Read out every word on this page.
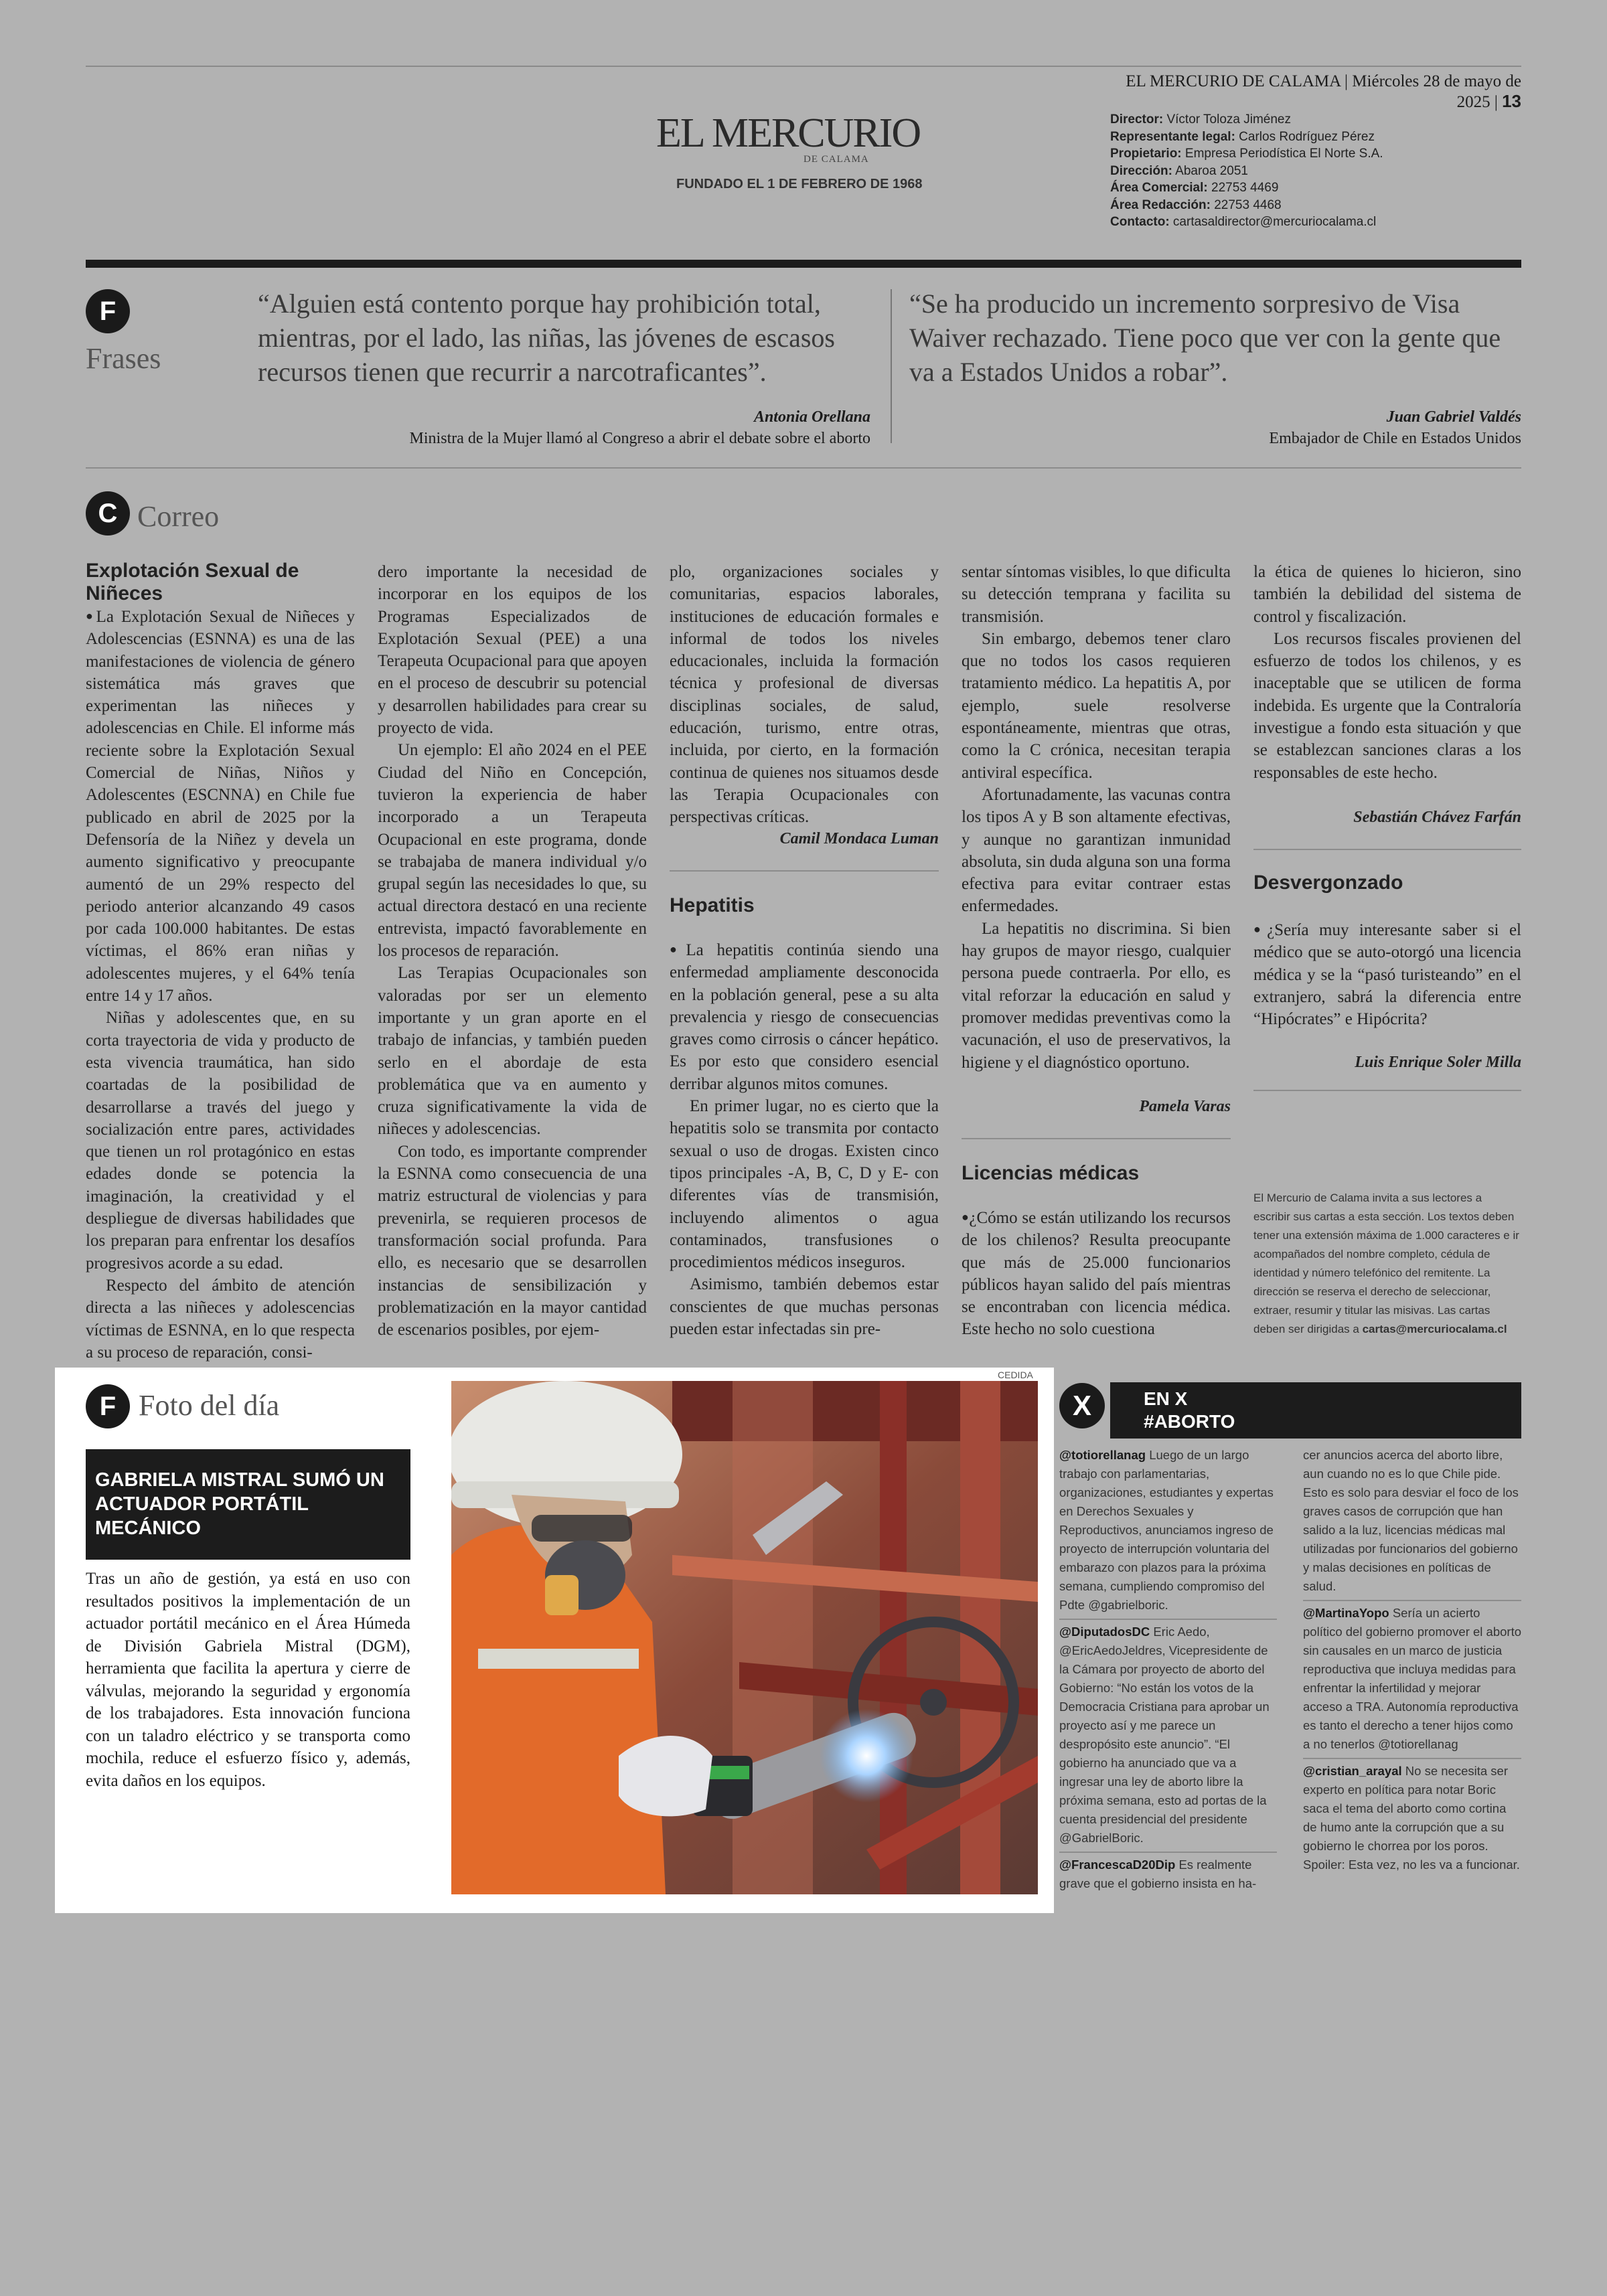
EL MERCURIO DE CALAMA | Miércoles 28 de mayo de 2025 | 13
EL MERCURIO
DE CALAMA
FUNDADO EL 1 DE FEBRERO DE 1968
Director: Víctor Toloza Jiménez
Representante legal: Carlos Rodríguez Pérez
Propietario: Empresa Periodística El Norte S.A.
Dirección: Abaroa 2051
Área Comercial: 22753 4469
Área Redacción: 22753 4468
Contacto: cartasaldirector@mercuriocalama.cl
F
Frases
“Alguien está contento porque hay prohibición total, mientras, por el lado, las niñas, las jóvenes de escasos recursos tienen que recurrir a narcotraficantes”.
Antonia Orellana
Ministra de la Mujer llamó al Congreso a abrir el debate sobre el aborto
“Se ha producido un incremento sorpresivo de Visa Waiver rechazado. Tiene poco que ver con la gente que va a Estados Unidos a robar”.
Juan Gabriel Valdés
Embajador de Chile en Estados Unidos
C Correo
Explotación Sexual de Niñeces

● La Explotación Sexual de Niñeces y Adolescencias (ESNNA) es una de las manifestaciones de violencia de género sistemática más graves que experimentan las niñeces y adolescencias en Chile. El informe más reciente sobre la Explotación Sexual Comercial de Niñas, Niños y Adolescentes (ESCNNA) en Chile fue publicado en abril de 2025 por la Defensoría de la Niñez y devela un aumento significativo y preocupante aumentó de un 29% respecto del periodo anterior alcanzando 49 casos por cada 100.000 habitantes. De estas víctimas, el 86% eran niñas y adolescentes mujeres, y el 64% tenía entre 14 y 17 años.

Niñas y adolescentes que, en su corta trayectoria de vida y producto de esta vivencia traumática, han sido coartadas de la posibilidad de desarrollarse a través del juego y socialización entre pares, actividades que tienen un rol protagónico en estas edades donde se potencia la imaginación, la creatividad y el despliegue de diversas habilidades que los preparan para enfrentar los desafíos progresivos acorde a su edad.

Respecto del ámbito de atención directa a las niñeces y adolescencias víctimas de ESNNA, en lo que respecta a su proceso de reparación, consi-

dero importante la necesidad de incorporar en los equipos de los Programas Especializados de Explotación Sexual (PEE) a una Terapeuta Ocupacional para que apoyen en el proceso de descubrir su potencial y desarrollen habilidades para crear su proyecto de vida.

Un ejemplo: El año 2024 en el PEE Ciudad del Niño en Concepción, tuvieron la experiencia de haber incorporado a un Terapeuta Ocupacional en este programa, donde se trabajaba de manera individual y/o grupal según las necesidades lo que, su actual directora destacó en una reciente entrevista, impactó favorablemente en los procesos de reparación.

Las Terapias Ocupacionales son valoradas por ser un elemento importante y un gran aporte en el trabajo de infancias, y también pueden serlo en el abordaje de esta problemática que va en aumento y cruza significativamente la vida de niñeces y adolescencias.

Con todo, es importante comprender la ESNNA como consecuencia de una matriz estructural de violencias y para prevenirla, se requieren procesos de transformación social profunda. Para ello, es necesario que se desarrollen instancias de sensibilización y problematización en la mayor cantidad de escenarios posibles, por ejem-

plo, organizaciones sociales y comunitarias, espacios laborales, instituciones de educación formales e informal de todos los niveles educacionales, incluida la formación técnica y profesional de diversas disciplinas sociales, de salud, educación, turismo, entre otras, incluida, por cierto, en la formación continua de quienes nos situamos desde las Terapia Ocupacionales con perspectivas críticas.

Camil Mondaca Luman
Hepatitis

● La hepatitis continúa siendo una enfermedad ampliamente desconocida en la población general, pese a su alta prevalencia y riesgo de consecuencias graves como cirrosis o cáncer hepático. Es por esto que considero esencial derribar algunos mitos comunes.

En primer lugar, no es cierto que la hepatitis solo se transmita por contacto sexual o uso de drogas. Existen cinco tipos principales -A, B, C, D y E- con diferentes vías de transmisión, incluyendo alimentos o agua contaminados, transfusiones o procedimientos médicos inseguros.

Asimismo, también debemos estar conscientes de que muchas personas pueden estar infectadas sin pre-

sentar síntomas visibles, lo que dificulta su detección temprana y facilita su transmisión.

Sin embargo, debemos tener claro que no todos los casos requieren tratamiento médico. La hepatitis A, por ejemplo, suele resolverse espontáneamente, mientras que otras, como la C crónica, necesitan terapia antiviral específica.

Afortunadamente, las vacunas contra los tipos A y B son altamente efectivas, y aunque no garantizan inmunidad absoluta, sin duda alguna son una forma efectiva para evitar contraer estas enfermedades.

La hepatitis no discrimina. Si bien hay grupos de mayor riesgo, cualquier persona puede contraerla. Por ello, es vital reforzar la educación en salud y promover medidas preventivas como la vacunación, el uso de preservativos, la higiene y el diagnóstico oportuno.

Pamela Varas
Licencias médicas

● ¿Cómo se están utilizando los recursos de los chilenos? Resulta preocupante que más de 25.000 funcionarios públicos hayan salido del país mientras se encontraban con licencia médica. Este hecho no solo cuestiona

la ética de quienes lo hicieron, sino también la debilidad del sistema de control y fiscalización.

Los recursos fiscales provienen del esfuerzo de todos los chilenos, y es inaceptable que se utilicen de forma indebida. Es urgente que la Contraloría investigue a fondo esta situación y que se establezcan sanciones claras a los responsables de este hecho.

Sebastián Chávez Farfán
Desvergonzado

● ¿Sería muy interesante saber si el médico que se auto-otorgó una licencia médica y se la “pasó turisteando” en el extranjero, sabrá la diferencia entre “Hipócrates” e Hipócrita?

Luis Enrique Soler Milla
El Mercurio de Calama invita a sus lectores a escribir sus cartas a esta sección. Los textos deben tener una extensión máxima de 1.000 caracteres e ir acompañados del nombre completo, cédula de identidad y número telefónico del remitente. La dirección se reserva el derecho de seleccionar, extraer, resumir y titular las misivas. Las cartas deben ser dirigidas a cartas@mercuriocalama.cl
F Foto del día
GABRIELA MISTRAL SUMÓ UN ACTUADOR PORTÁTIL MECÁNICO
Tras un año de gestión, ya está en uso con resultados positivos la implementación de un actuador portátil mecánico en el Área Húmeda de División Gabriela Mistral (DGM), herramienta que facilita la apertura y cierre de válvulas, mejorando la seguridad y ergonomía de los trabajadores. Esta innovación funciona con un taladro eléctrico y se transporta como mochila, reduce el esfuerzo físico y, además, evita daños en los equipos.
CEDIDA
EN X
#ABORTO
X
@totiorellanag Luego de un largo trabajo con parlamentarias, organizaciones, estudiantes y expertas en Derechos Sexuales y Reproductivos, anunciamos ingreso de proyecto de interrupción voluntaria del embarazo con plazos para la próxima semana, cumpliendo compromiso del Pdte @gabrielboric.
@DiputadosDC Eric Aedo, @EricAedoJeldres, Vicepresidente de la Cámara por proyecto de aborto del Gobierno: “No están los votos de la Democracia Cristiana para aprobar un proyecto así y me parece un despropósito este anuncio”. “El gobierno ha anunciado que va a ingresar una ley de aborto libre la próxima semana, esto ad portas de la cuenta presidencial del presidente @GabrielBoric.
@FrancescaD20Dip Es realmente grave que el gobierno insista en ha-
cer anuncios acerca del aborto libre, aun cuando no es lo que Chile pide. Esto es solo para desviar el foco de los graves casos de corrupción que han salido a la luz, licencias médicas mal utilizadas por funcionarios del gobierno y malas decisiones en políticas de salud.
@MartinaYopo Sería un acierto político del gobierno promover el aborto sin causales en un marco de justicia reproductiva que incluya medidas para enfrentar la infertilidad y mejorar acceso a TRA. Autonomía reproductiva es tanto el derecho a tener hijos como a no tenerlos @totiorellanag
@cristian_arayal No se necesita ser experto en política para notar Boric saca el tema del aborto como cortina de humo ante la corrupción que a su gobierno le chorrea por los poros. Spoiler: Esta vez, no les va a funcionar.
